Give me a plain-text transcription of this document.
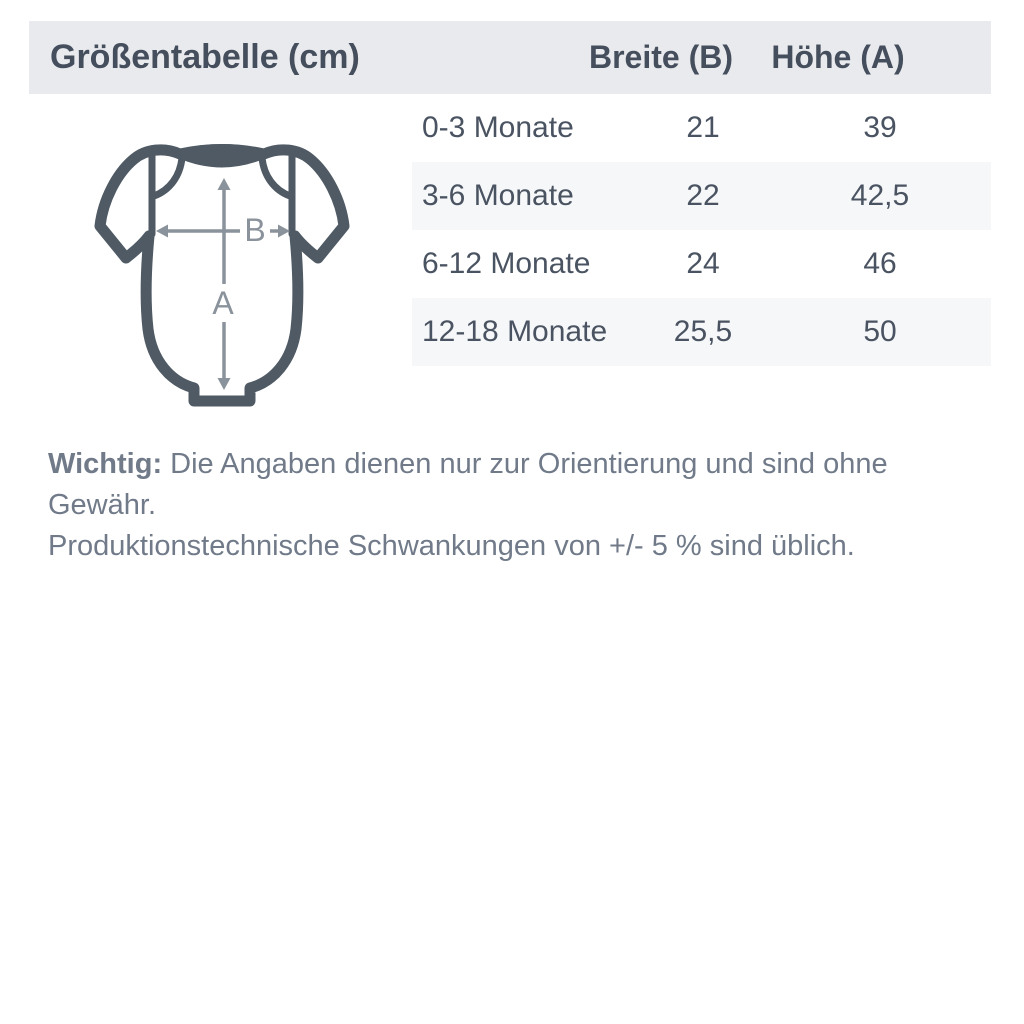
Größentabelle (cm)	Breite (B) Höhe (A)
0-3 Monate	21	39
3-6 Monate	22	42,5
6-12 Monate	24	46
12-18 Monate 25,5	50
A
B

Wichtig: Die Angaben dienen nur zur Orientierung und sind ohne Gewähr.
Produktionstechnische Schwankungen von +/- 5 % sind üblich.
